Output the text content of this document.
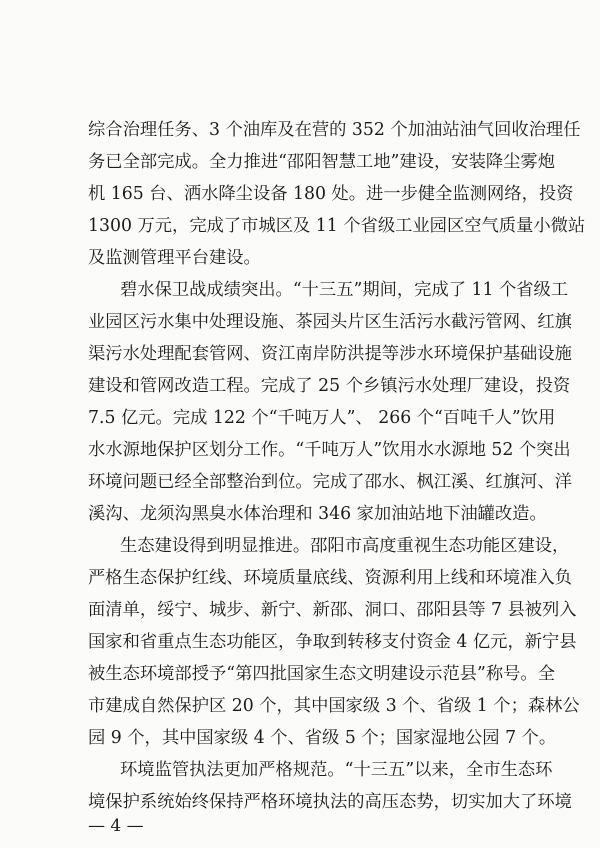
综合治理任务、3 个油库及在营的 352 个加油站油气回收治理任
务已全部完成。全力推进“邵阳智慧工地”建设，安装降尘雾炮
机 165 台、洒水降尘设备 180 处。进一步健全监测网络，投资
1300 万元，完成了市城区及 11 个省级工业园区空气质量小微站
及监测管理平台建设。
碧水保卫战成绩突出。“十三五”期间，完成了 11 个省级工
业园区污水集中处理设施、茶园头片区生活污水截污管网、红旗
渠污水处理配套管网、资江南岸防洪提等涉水环境保护基础设施
建设和管网改造工程。完成了 25 个乡镇污水处理厂建设，投资
7.5 亿元。完成 122 个“千吨万人”、 266 个“百吨千人”饮用
水水源地保护区划分工作。“千吨万人”饮用水水源地 52 个突出
环境问题已经全部整治到位。完成了邵水、枫江溪、红旗河、洋
溪沟、龙须沟黑臭水体治理和 346 家加油站地下油罐改造。
生态建设得到明显推进。邵阳市高度重视生态功能区建设，
严格生态保护红线、环境质量底线、资源利用上线和环境准入负
面清单，绥宁、城步、新宁、新邵、洞口、邵阳县等 7 县被列入
国家和省重点生态功能区，争取到转移支付资金 4 亿元，新宁县
被生态环境部授予“第四批国家生态文明建设示范县”称号。全
市建成自然保护区 20 个，其中国家级 3 个、省级 1 个；森林公
园 9 个，其中国家级 4 个、省级 5 个；国家湿地公园 7 个。
环境监管执法更加严格规范。“十三五”以来，全市生态环
境保护系统始终保持严格环境执法的高压态势，切实加大了环境
— 4 —
